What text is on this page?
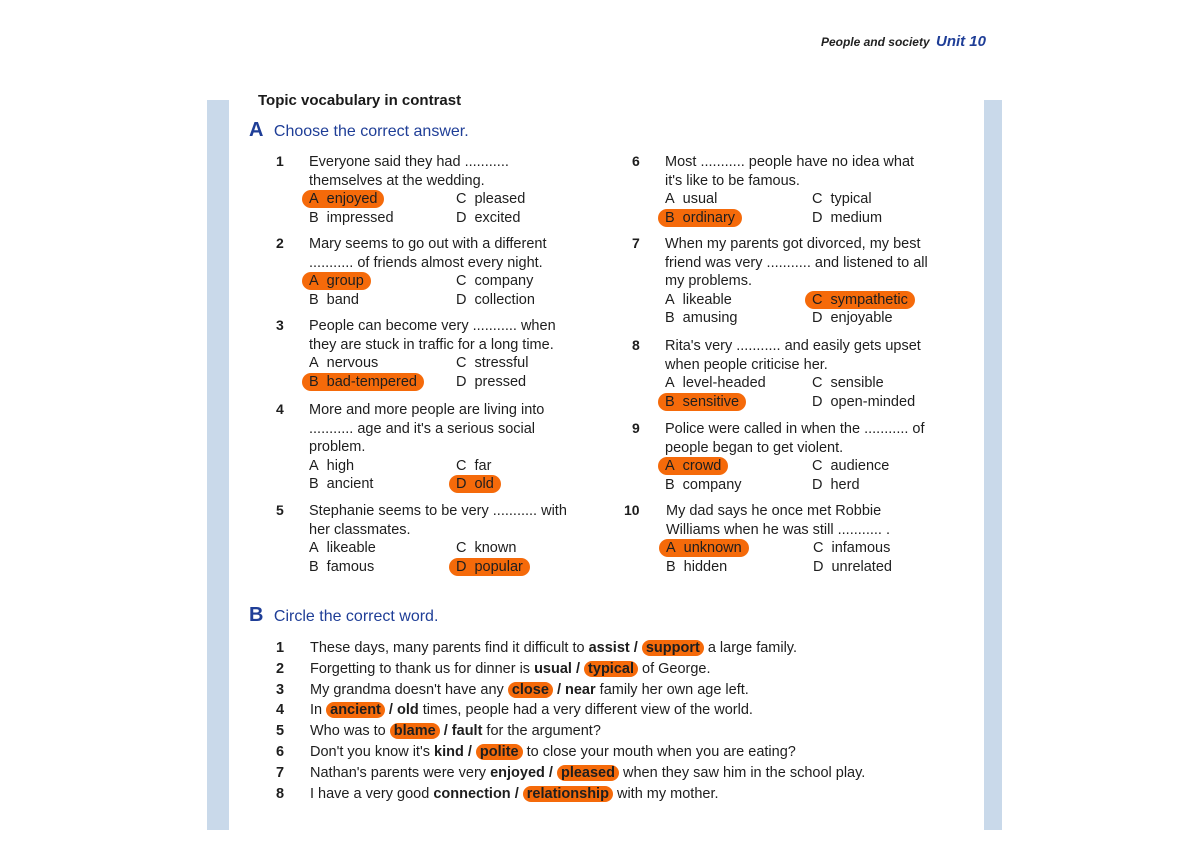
People and society Unit 10
Topic vocabulary in contrast
A Choose the correct answer.
1 Everyone said they had ........... themselves at the wedding.
A enjoyed	C pleased
B impressed	D excited
2 Mary seems to go out with a different ........... of friends almost every night.
A group	C company
B band	D collection
3 People can become very ........... when they are stuck in traffic for a long time.
A nervous	C stressful
B bad-tempered	D pressed
4 More and more people are living into ........... age and it's a serious social problem.
A high	C far
B ancient	D old
5 Stephanie seems to be very ........... with her classmates.
A likeable	C known
B famous	D popular
6 Most ........... people have no idea what it's like to be famous.
A usual	C typical
B ordinary	D medium
7 When my parents got divorced, my best friend was very ........... and listened to all my problems.
A likeable	C sympathetic
B amusing	D enjoyable
8 Rita's very ........... and easily gets upset when people criticise her.
A level-headed	C sensible
B sensitive	D open-minded
9 Police were called in when the ........... of people began to get violent.
A crowd	C audience
B company	D herd
10 My dad says he once met Robbie Williams when he was still ........... .
A unknown	C infamous
B hidden	D unrelated
B Circle the correct word.
1 These days, many parents find it difficult to assist / support a large family.
2 Forgetting to thank us for dinner is usual / typical of George.
3 My grandma doesn't have any close / near family her own age left.
4 In ancient / old times, people had a very different view of the world.
5 Who was to blame / fault for the argument?
6 Don't you know it's kind / polite to close your mouth when you are eating?
7 Nathan's parents were very enjoyed / pleased when they saw him in the school play.
8 I have a very good connection / relationship with my mother.
